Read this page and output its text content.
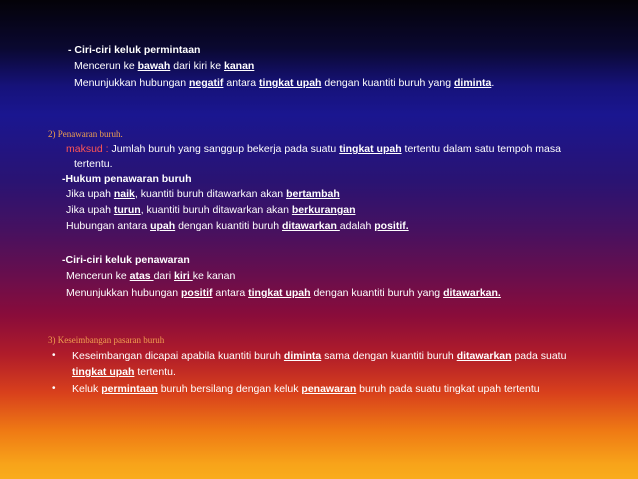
- Ciri-ciri keluk permintaan
Mencerun ke bawah dari kiri ke kanan
Menunjukkan hubungan negatif antara tingkat upah dengan kuantiti buruh yang diminta.
2) Penawaran buruh.
maksud : Jumlah buruh yang sanggup bekerja pada suatu tingkat upah tertentu dalam satu tempoh masa
tertentu.
-Hukum penawaran buruh
Jika upah naik, kuantiti buruh ditawarkan akan bertambah
Jika upah turun, kuantiti buruh ditawarkan akan berkurangan
Hubungan antara upah dengan kuantiti buruh ditawarkan adalah positif.
-Ciri-ciri keluk penawaran
Mencerun ke atas dari kiri ke kanan
Menunjukkan hubungan positif antara tingkat upah dengan kuantiti buruh yang ditawarkan.
3) Keseimbangan pasaran buruh
• Keseimbangan dicapai apabila kuantiti buruh diminta sama dengan kuantiti buruh ditawarkan pada suatu
tingkat upah tertentu.
• Keluk permintaan buruh bersilang dengan keluk penawaran buruh pada suatu tingkat upah tertentu
